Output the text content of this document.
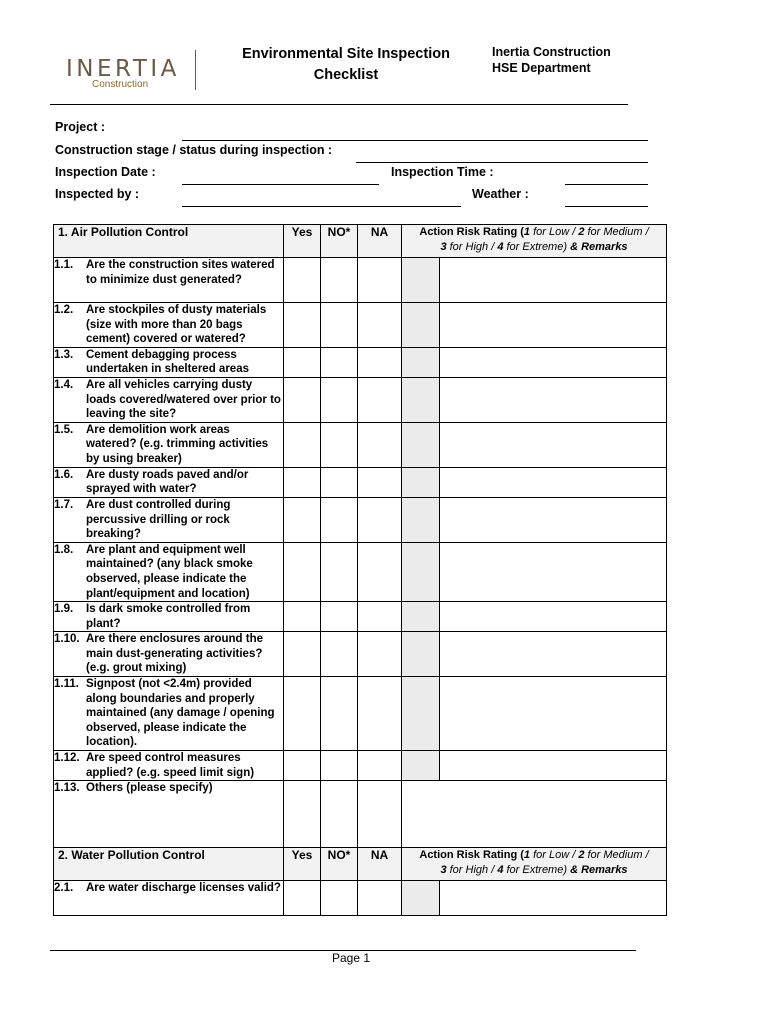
INERTIA
Construction
Environmental Site Inspection
Checklist
Inertia Construction
HSE Department
Project :
Construction stage / status during inspection :
Inspection Date :	Inspection Time :
Inspected by :	Weather :
1. Air Pollution Control	Yes	NO*	NA	Action Risk Rating (1 for Low / 2 for Medium /
3 for High / 4 for Extreme) & Remarks	

1.1. Are the construction sites watered to minimize dust generated?					

1.2. Are stockpiles of dusty materials (size with more than 20 bags cement) covered or watered?					

1.3. Cement debagging process undertaken in sheltered areas					

1.4. Are all vehicles carrying dusty loads covered/watered over prior to leaving the site?					

1.5. Are demolition work areas watered? (e.g. trimming activities by using breaker)					

1.6. Are dusty roads paved and/or sprayed with water?					

1.7. Are dust controlled during percussive drilling or rock breaking?					

1.8. Are plant and equipment well maintained? (any black smoke observed, please indicate the plant/equipment and location)					

1.9. Is dark smoke controlled from plant?					

1.10. Are there enclosures around the main dust-generating activities? (e.g. grout mixing)					

1.11. Signpost (not <2.4m) provided along boundaries and properly maintained (any damage / opening observed, please indicate the location).					

1.12. Are speed control measures applied? (e.g. speed limit sign)					

1.13. Others (please specify)					

2. Water Pollution Control	Yes	NO*	NA	Action Risk Rating (1 for Low / 2 for Medium /
3 for High / 4 for Extreme) & Remarks	

2.1. Are water discharge licenses valid?					

Page 1
